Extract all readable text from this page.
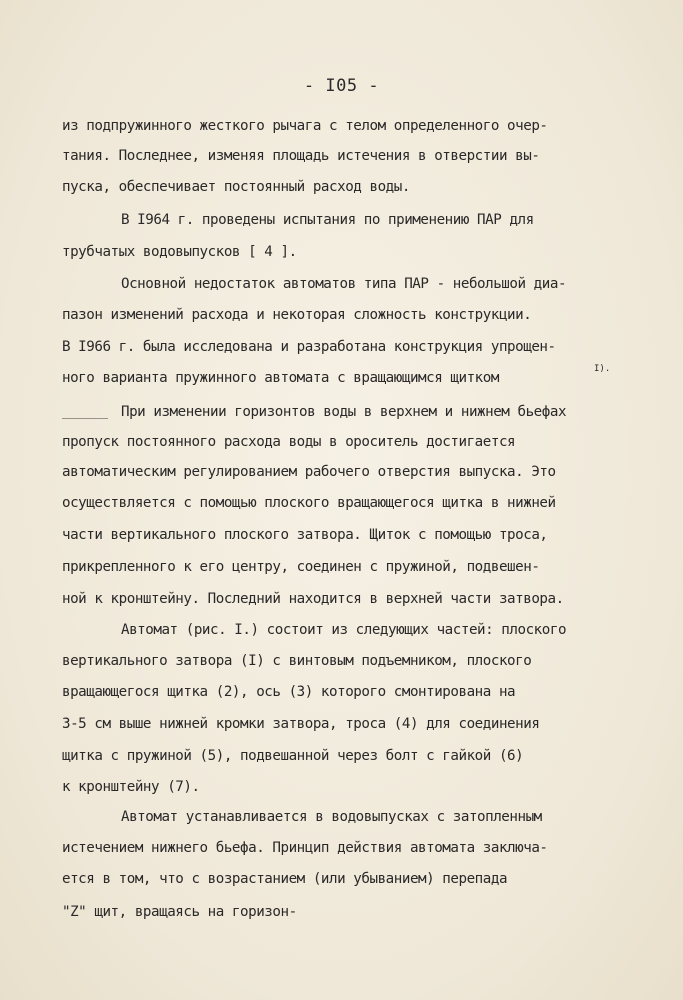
- I05 -
из подпружинного жесткого рычага с телом определенного очер-
тания. Последнее, изменяя площадь истечения в отверстии вы-
пуска, обеспечивает постоянный расход воды.
В I964 г. проведены испытания по применению ПАР для
трубчатых водовыпусков [ 4 ].
Основной недостаток автоматов типа ПАР - небольшой диа-
пазон изменений расхода и некоторая сложность конструкции.
В I966 г. была исследована и разработана конструкция упрощен-
ного варианта пружинного автомата с вращающимся щитком
I).
При изменении горизонтов воды в верхнем и нижнем бьефах
пропуск постоянного расхода воды в ороситель достигается
автоматическим регулированием рабочего отверстия выпуска. Это
осуществляется с помощью плоского вращающегося щитка в нижней
части вертикального плоского затвора. Щиток с помощью троса,
прикрепленного к его центру, соединен с пружиной, подвешен-
ной к кронштейну. Последний находится в верхней части затвора.
Автомат (рис. I.) состоит из следующих частей: плоского
вертикального затвора (I) с винтовым подъемником, плоского
вращающегося щитка (2), ось (3) которого смонтирована на
3-5 см выше нижней кромки затвора, троса (4) для соединения
щитка с пружиной (5), подвешанной через болт с гайкой (6)
к кронштейну (7).
Автомат устанавливается в водовыпусках с затопленным
истечением нижнего бьефа. Принцип действия автомата заключа-
ется в том, что с возрастанием (или убыванием) перепада
"Z" щит, вращаясь на горизон-
